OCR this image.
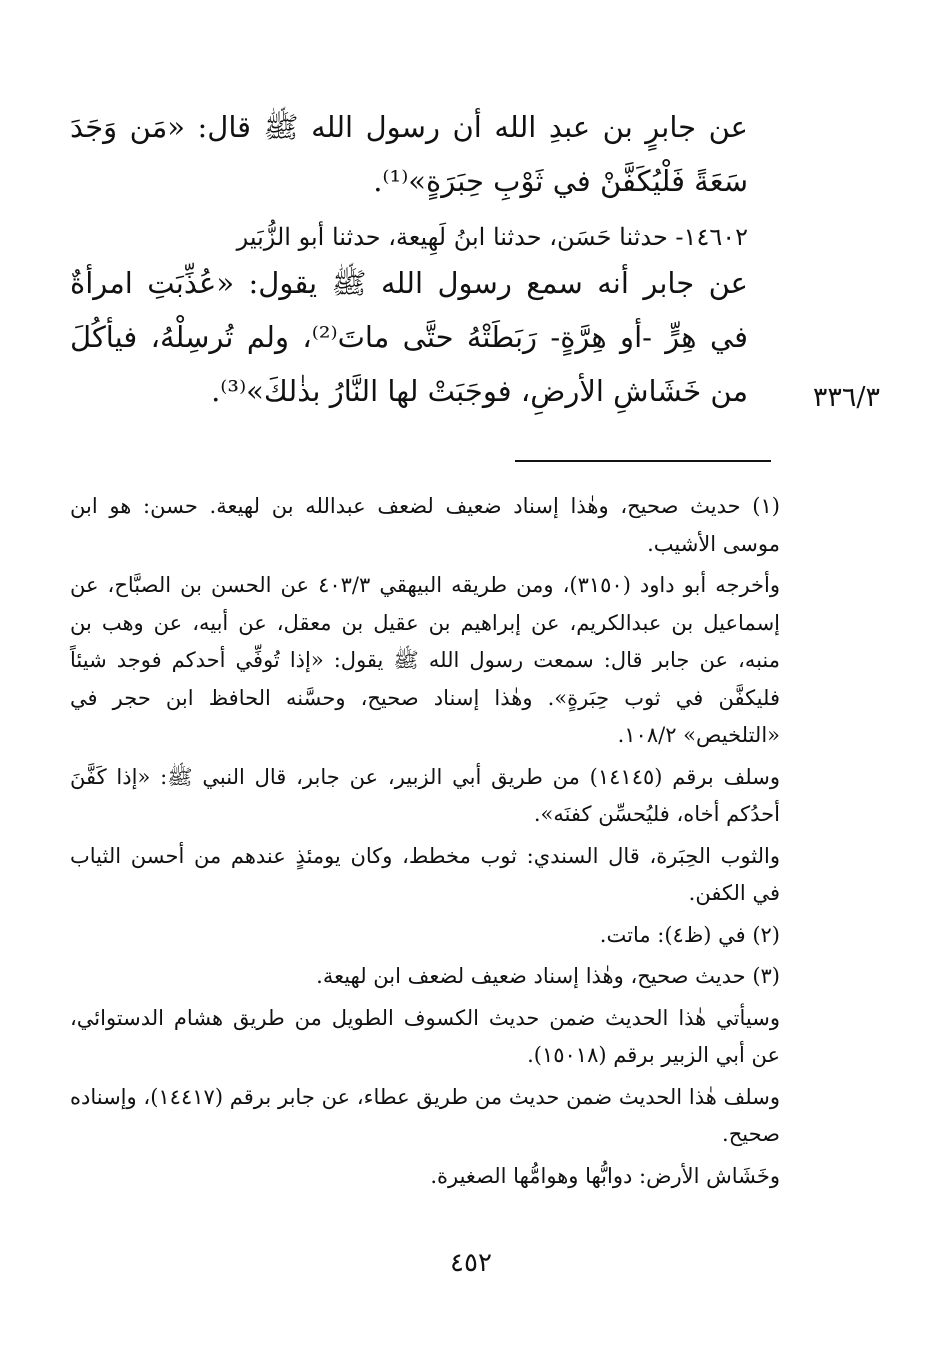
عن جابرٍ بن عبدِ الله أن رسول الله ﷺ قال: «مَن وَجَدَ سَعَةً فَلْيُكَفَّنْ في ثَوْبِ حِبَرَةٍ»⁽¹⁾.

١٤٦٠٢- حدثنا حَسَن، حدثنا ابنُ لَهِيعة، حدثنا أبو الزُّبَير

عن جابر أنه سمع رسول الله ﷺ يقول: «عُذِّبَتِ امرأةٌ في هِرٍّ -أو هِرَّةٍ- رَبَطَتْهُ حتَّى ماتَ⁽²⁾، ولم تُرسِلْهُ، فيأكُلَ من خَشَاشِ الأرضِ، فوجَبَتْ لها النَّارُ بذٰلكَ»⁽³⁾.	٣٣٦/٣

(١) حديث صحيح، وهٰذا إسناد ضعيف لضعف عبدالله بن لهيعة. حسن: هو ابن موسى الأشيب.

وأخرجه أبو داود (٣١٥٠)، ومن طريقه البيهقي ٤٠٣/٣ عن الحسن بن الصبَّاح، عن إسماعيل بن عبدالكريم، عن إبراهيم بن عقيل بن معقل، عن أبيه، عن وهب بن منبه، عن جابر قال: سمعت رسول الله ﷺ يقول: «إذا تُوفِّي أحدكم فوجد شيئاً فليكفَّن في ثوب حِبَرةٍ». وهٰذا إسناد صحيح، وحسَّنه الحافظ ابن حجر في «التلخيص» ١٠٨/٢.

وسلف برقم (١٤١٤٥) من طريق أبي الزبير، عن جابر، قال النبي ﷺ: «إذا كَفَّنَ أحدُكم أخاه، فليُحسِّن كفنَه».

والثوب الحِبَرة، قال السندي: ثوب مخطط، وكان يومئذٍ عندهم من أحسن الثياب في الكفن.

(٢) في (ظ٤): ماتت.

(٣) حديث صحيح، وهٰذا إسناد ضعيف لضعف ابن لهيعة.

وسيأتي هٰذا الحديث ضمن حديث الكسوف الطويل من طريق هشام الدستوائي، عن أبي الزبير برقم (١٥٠١٨).

وسلف هٰذا الحديث ضمن حديث من طريق عطاء، عن جابر برقم (١٤٤١٧)، وإسناده صحيح.

وخَشَاش الأرض: دوابُّها وهوامُّها الصغيرة.

٤٥٢
